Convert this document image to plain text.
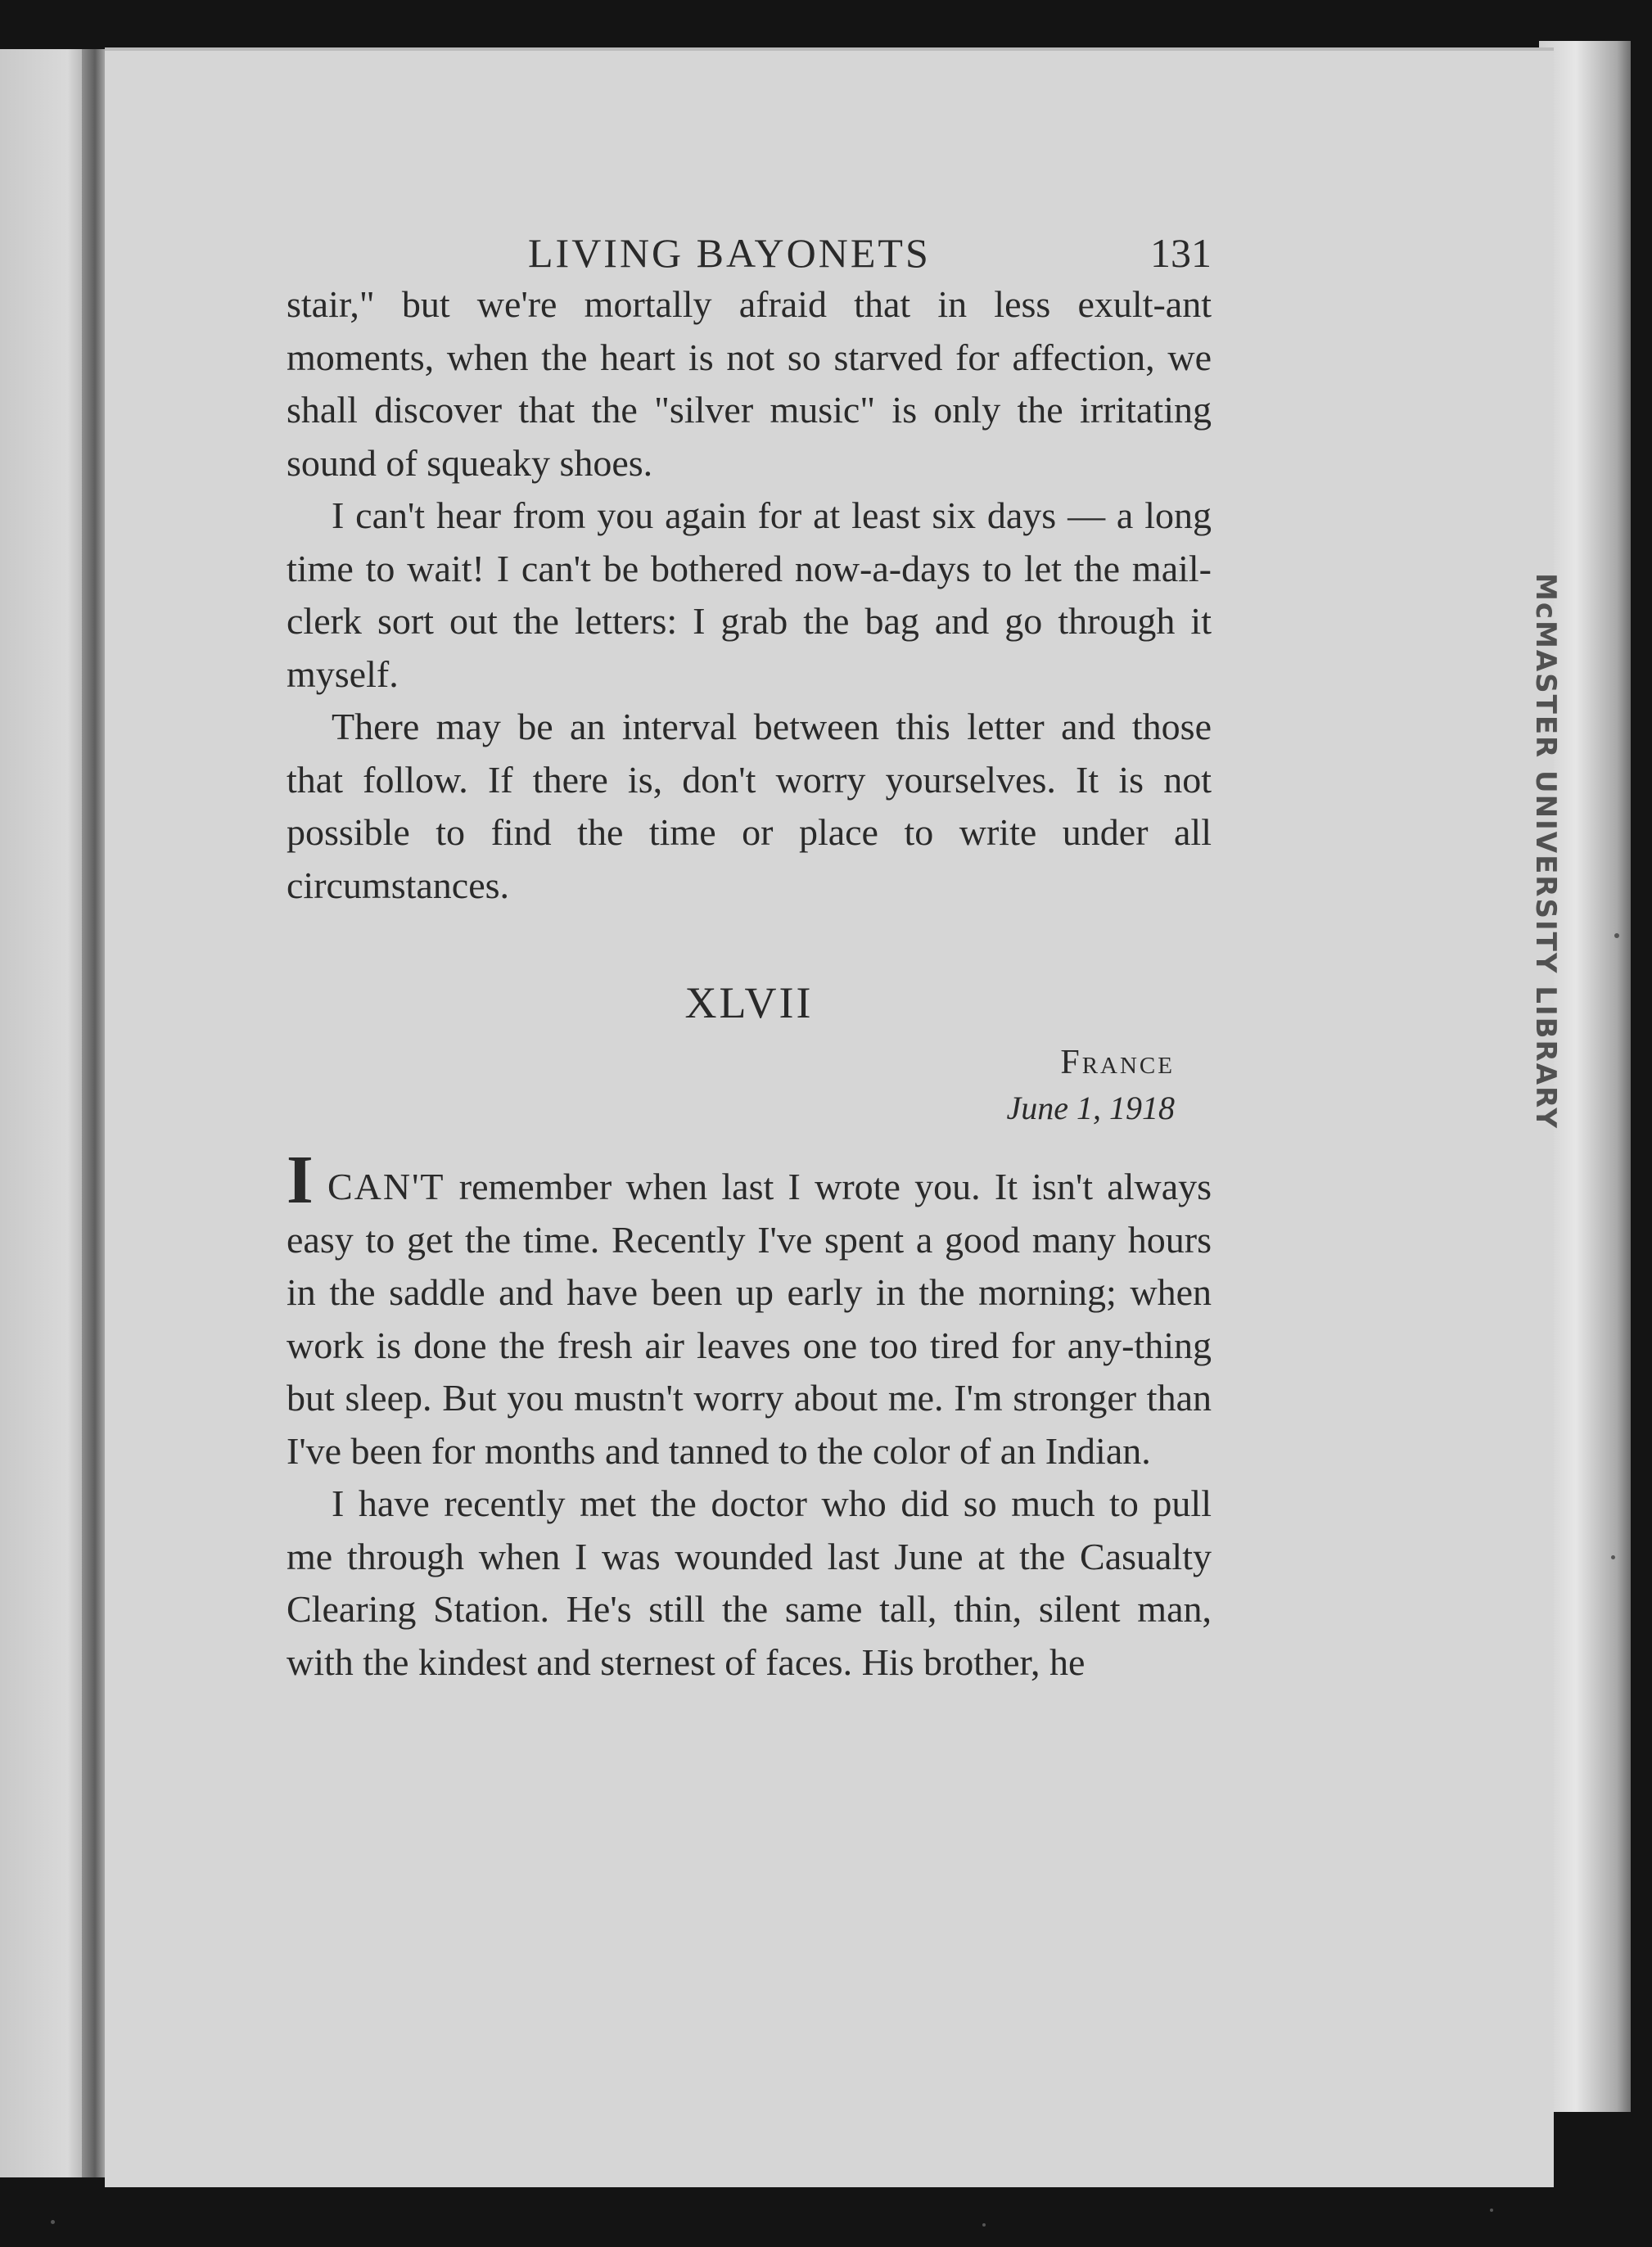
McMASTER UNIVERSITY LIBRARY
LIVING BAYONETS	131

stair," but we're mortally afraid that in less exult-ant moments, when the heart is not so starved for affection, we shall discover that the "silver music" is only the irritating sound of squeaky shoes.

I can't hear from you again for at least six days — a long time to wait! I can't be bothered now-a-days to let the mail-clerk sort out the letters: I grab the bag and go through it myself.

There may be an interval between this letter and those that follow. If there is, don't worry yourselves. It is not possible to find the time or place to write under all circumstances.

XLVII
France
June 1, 1918

I CAN'T remember when last I wrote you. It isn't always easy to get the time. Recently I've spent a good many hours in the saddle and have been up early in the morning; when work is done the fresh air leaves one too tired for any-thing but sleep. But you mustn't worry about me. I'm stronger than I've been for months and tanned to the color of an Indian.

I have recently met the doctor who did so much to pull me through when I was wounded last June at the Casualty Clearing Station. He's still the same tall, thin, silent man, with the kindest and sternest of faces. His brother, he
